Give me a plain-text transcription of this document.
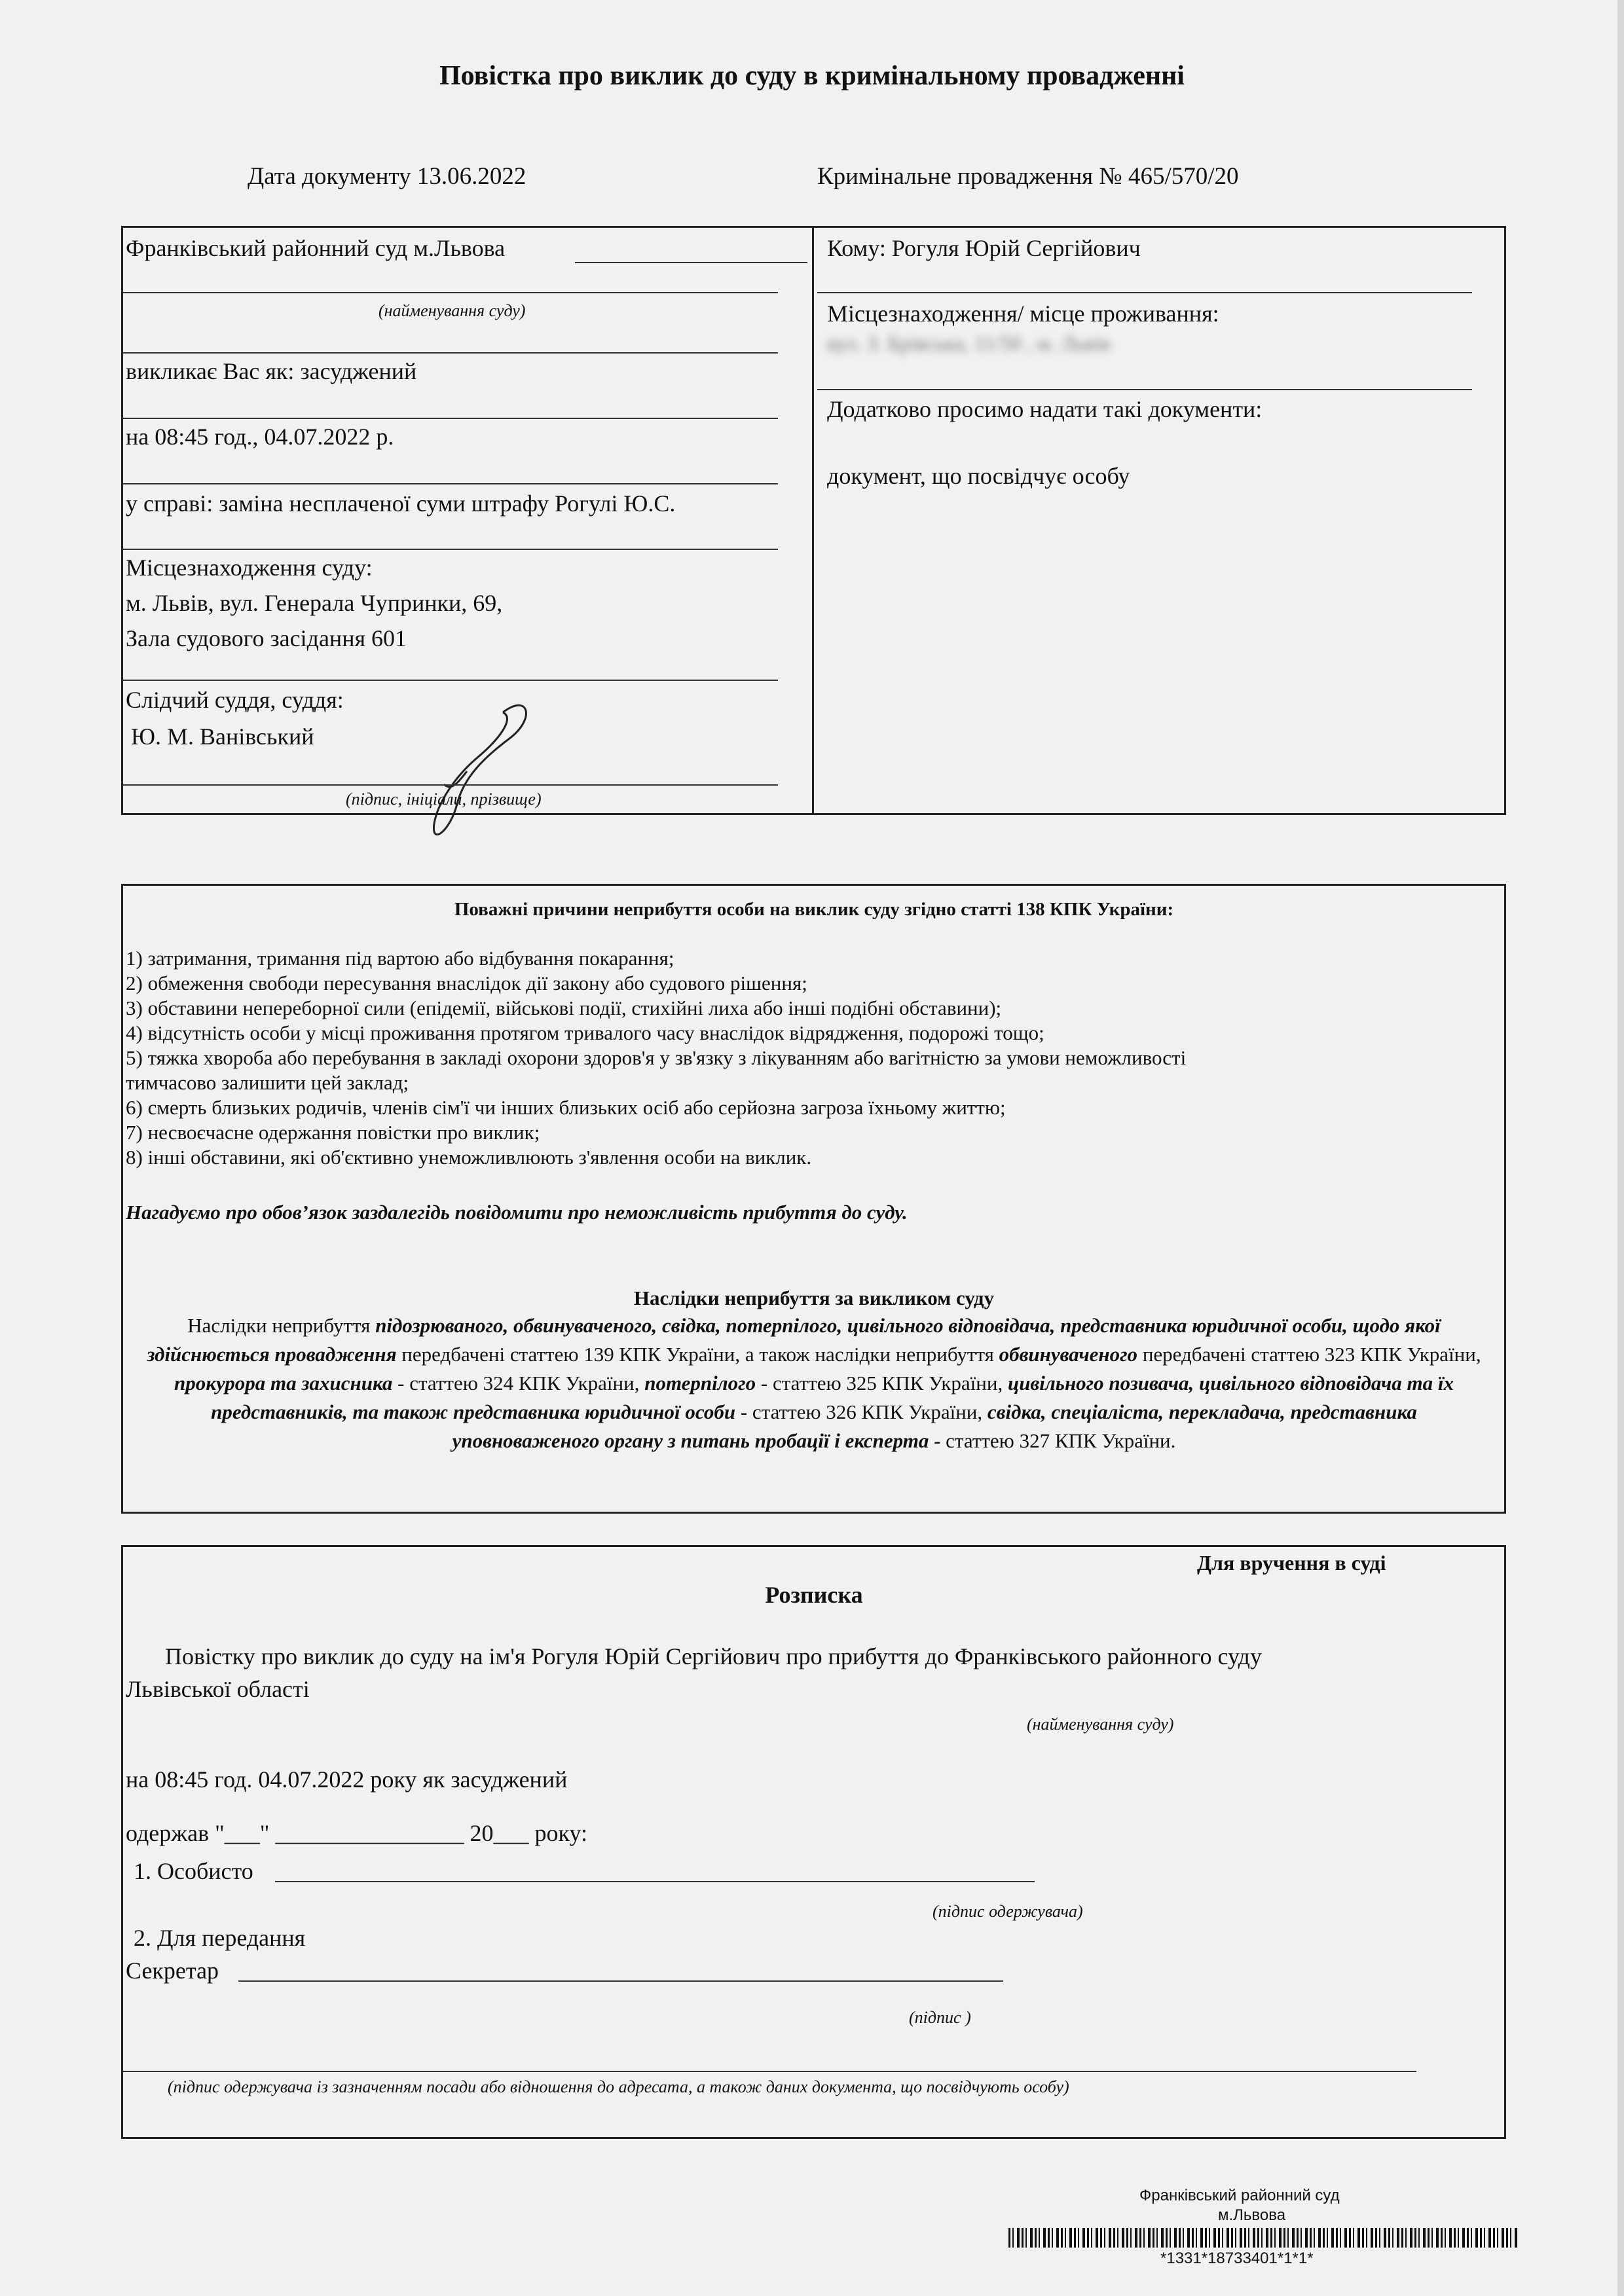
Повістка про виклик до суду в кримінальному провадженні
Дата документу 13.06.2022	Кримінальне провадження № 465/570/20
Франківський районний суд м.Львова
(найменування суду)
викликає Вас як: засуджений
на 08:45 год., 04.07.2022 р.
у справі: заміна несплаченої суми штрафу Рогулі Ю.С.
Місцезнаходження суду:
м. Львів, вул. Генерала Чупринки, 69,
Зала судового засідання 601
Слідчий суддя, суддя:
Ю. М. Ванівський
(підпис, ініціали, прізвище)
Кому: Рогуля Юрій Сергійович
Місцезнаходження/ місце проживання:
вул. З. Брівська, 11/50 , м. Львів
Додатково просимо надати такі документи:
документ, що посвідчує особу
Поважні причини неприбуття особи на виклик суду згідно статті 138 КПК України:
1) затримання, тримання під вартою або відбування покарання;
2) обмеження свободи пересування внаслідок дії закону або судового рішення;
3) обставини непереборної сили (епідемії, військові події, стихійні лиха або інші подібні обставини);
4) відсутність особи у місці проживання протягом тривалого часу внаслідок відрядження, подорожі тощо;
5) тяжка хвороба або перебування в закладі охорони здоров'я у зв'язку з лікуванням або вагітністю за умови неможливості
тимчасово залишити цей заклад;
6) смерть близьких родичів, членів сім'ї чи інших близьких осіб або серйозна загроза їхньому життю;
7) несвоєчасне одержання повістки про виклик;
8) інші обставини, які об'єктивно унеможливлюють з'явлення особи на виклик.
Нагадуємо про обов’язок заздалегідь повідомити про неможливість прибуття до суду.
Наслідки неприбуття за викликом суду
Наслідки неприбуття підозрюваного, обвинуваченого, свідка, потерпілого, цивільного відповідача, представника юридичної особи, щодо якої здійснюється провадження передбачені статтею 139 КПК України, а також наслідки неприбуття обвинуваченого передбачені статтею 323 КПК України, прокурора та захисника - статтею 324 КПК України, потерпілого - статтею 325 КПК України, цивільного позивача, цивільного відповідача та їх представників, та також представника юридичної особи - статтею 326 КПК України, свідка, спеціаліста, перекладача, представника уповноваженого органу з питань пробації і експерта - статтею 327 КПК України.
Для вручення в суді
Розписка
Повістку про виклик до суду на ім'я Рогуля Юрій Сергійович про прибуття до Франківського районного суду
Львівської області
(найменування суду)
на 08:45 год. 04.07.2022 року як засуджений
одержав "___" ________________ 20___ року:
1. Особисто
(підпис одержувача)
2. Для передання
Секретар
(підпис )
(підпис одержувача із зазначенням посади або відношення до адресата, а також даних документа, що посвідчують особу)
Франківський районний суд
м.Львова
*1331*18733401*1*1*
